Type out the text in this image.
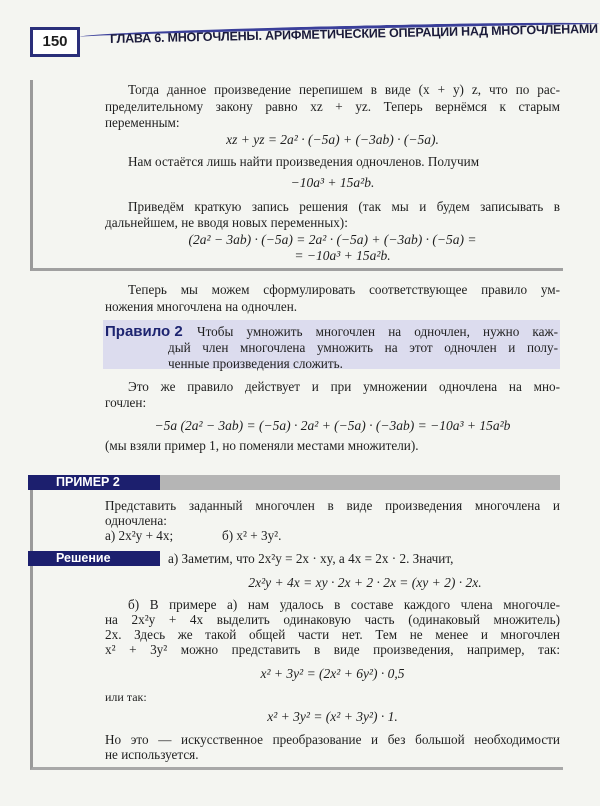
150	ГЛАВА 6. МНОГОЧЛЕНЫ. АРИФМЕТИЧЕСКИЕ ОПЕРАЦИИ НАД МНОГОЧЛЕНАМИ
Тогда данное произведение перепишем в виде (x + y) z, что по рас-
пределительному закону равно xz + yz. Теперь вернёмся к старым
переменным:
xz + yz = 2a² · (−5a) + (−3ab) · (−5a).
Нам остаётся лишь найти произведения одночленов. Получим
−10a³ + 15a²b.
Приведём краткую запись решения (так мы и будем записывать в
дальнейшем, не вводя новых переменных):
(2a² − 3ab) · (−5a) = 2a² · (−5a) + (−3ab) · (−5a) =
= −10a³ + 15a²b.
Теперь мы можем сформулировать соответствующее правило ум-
ножения многочлена на одночлен.
Правило 2 Чтобы умножить многочлен на одночлен, нужно каж-
дый член многочлена умножить на этот одночлен и полу-
ченные произведения сложить.
Это же правило действует и при умножении одночлена на мно-
гочлен:
−5a (2a² − 3ab) = (−5a) · 2a² + (−5a) · (−3ab) = −10a³ + 15a²b
(мы взяли пример 1, но поменяли местами множители).
ПРИМЕР 2
Представить заданный многочлен в виде произведения многочлена и
одночлена:
а) 2x²y + 4x;	б) x² + 3y².
Решение	а) Заметим, что 2x²y = 2x · xy, а 4x = 2x · 2. Значит,
2x²y + 4x = xy · 2x + 2 · 2x = (xy + 2) · 2x.
б) В примере а) нам удалось в составе каждого члена многочле-
на 2x²y + 4x выделить одинаковую часть (одинаковый множитель)
2x. Здесь же такой общей части нет. Тем не менее и многочлен
x² + 3y² можно представить в виде произведения, например, так:
x² + 3y² = (2x² + 6y²) · 0,5
или так:
x² + 3y² = (x² + 3y²) · 1.
Но это — искусственное преобразование и без большой необходимости
не используется.
